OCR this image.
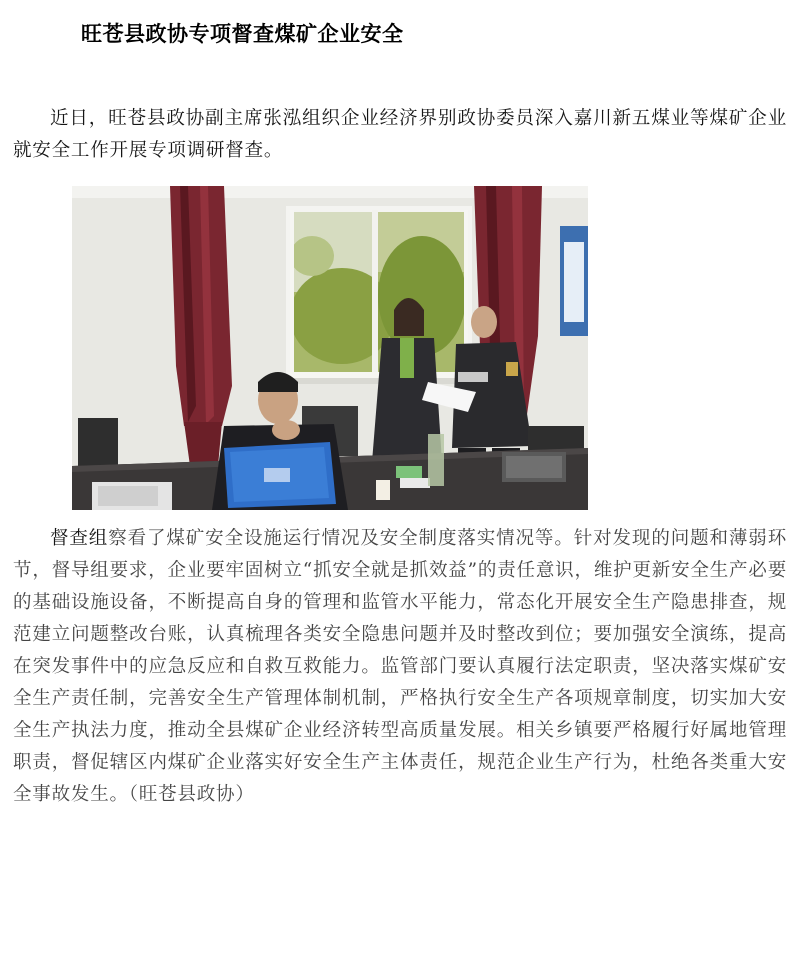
旺苍县政协专项督查煤矿企业安全

近日，旺苍县政协副主席张泓组织企业经济界别政协委员深入嘉川新五煤业等煤矿企业就安全工作开展专项调研督查。

督查组察看了煤矿安全设施运行情况及安全制度落实情况等。针对发现的问题和薄弱环节，督导组要求，企业要牢固树立“抓安全就是抓效益”的责任意识，维护更新安全生产必要的基础设施设备，不断提高自身的管理和监管水平能力，常态化开展安全生产隐患排查，规范建立问题整改台账，认真梳理各类安全隐患问题并及时整改到位；要加强安全演练，提高在突发事件中的应急反应和自救互救能力。监管部门要认真履行法定职责，坚决落实煤矿安全生产责任制，完善安全生产管理体制机制，严格执行安全生产各项规章制度，切实加大安全生产执法力度，推动全县煤矿企业经济转型高质量发展。相关乡镇要严格履行好属地管理职责，督促辖区内煤矿企业落实好安全生产主体责任，规范企业生产行为，杜绝各类重大安全事故发生。（旺苍县政协）
